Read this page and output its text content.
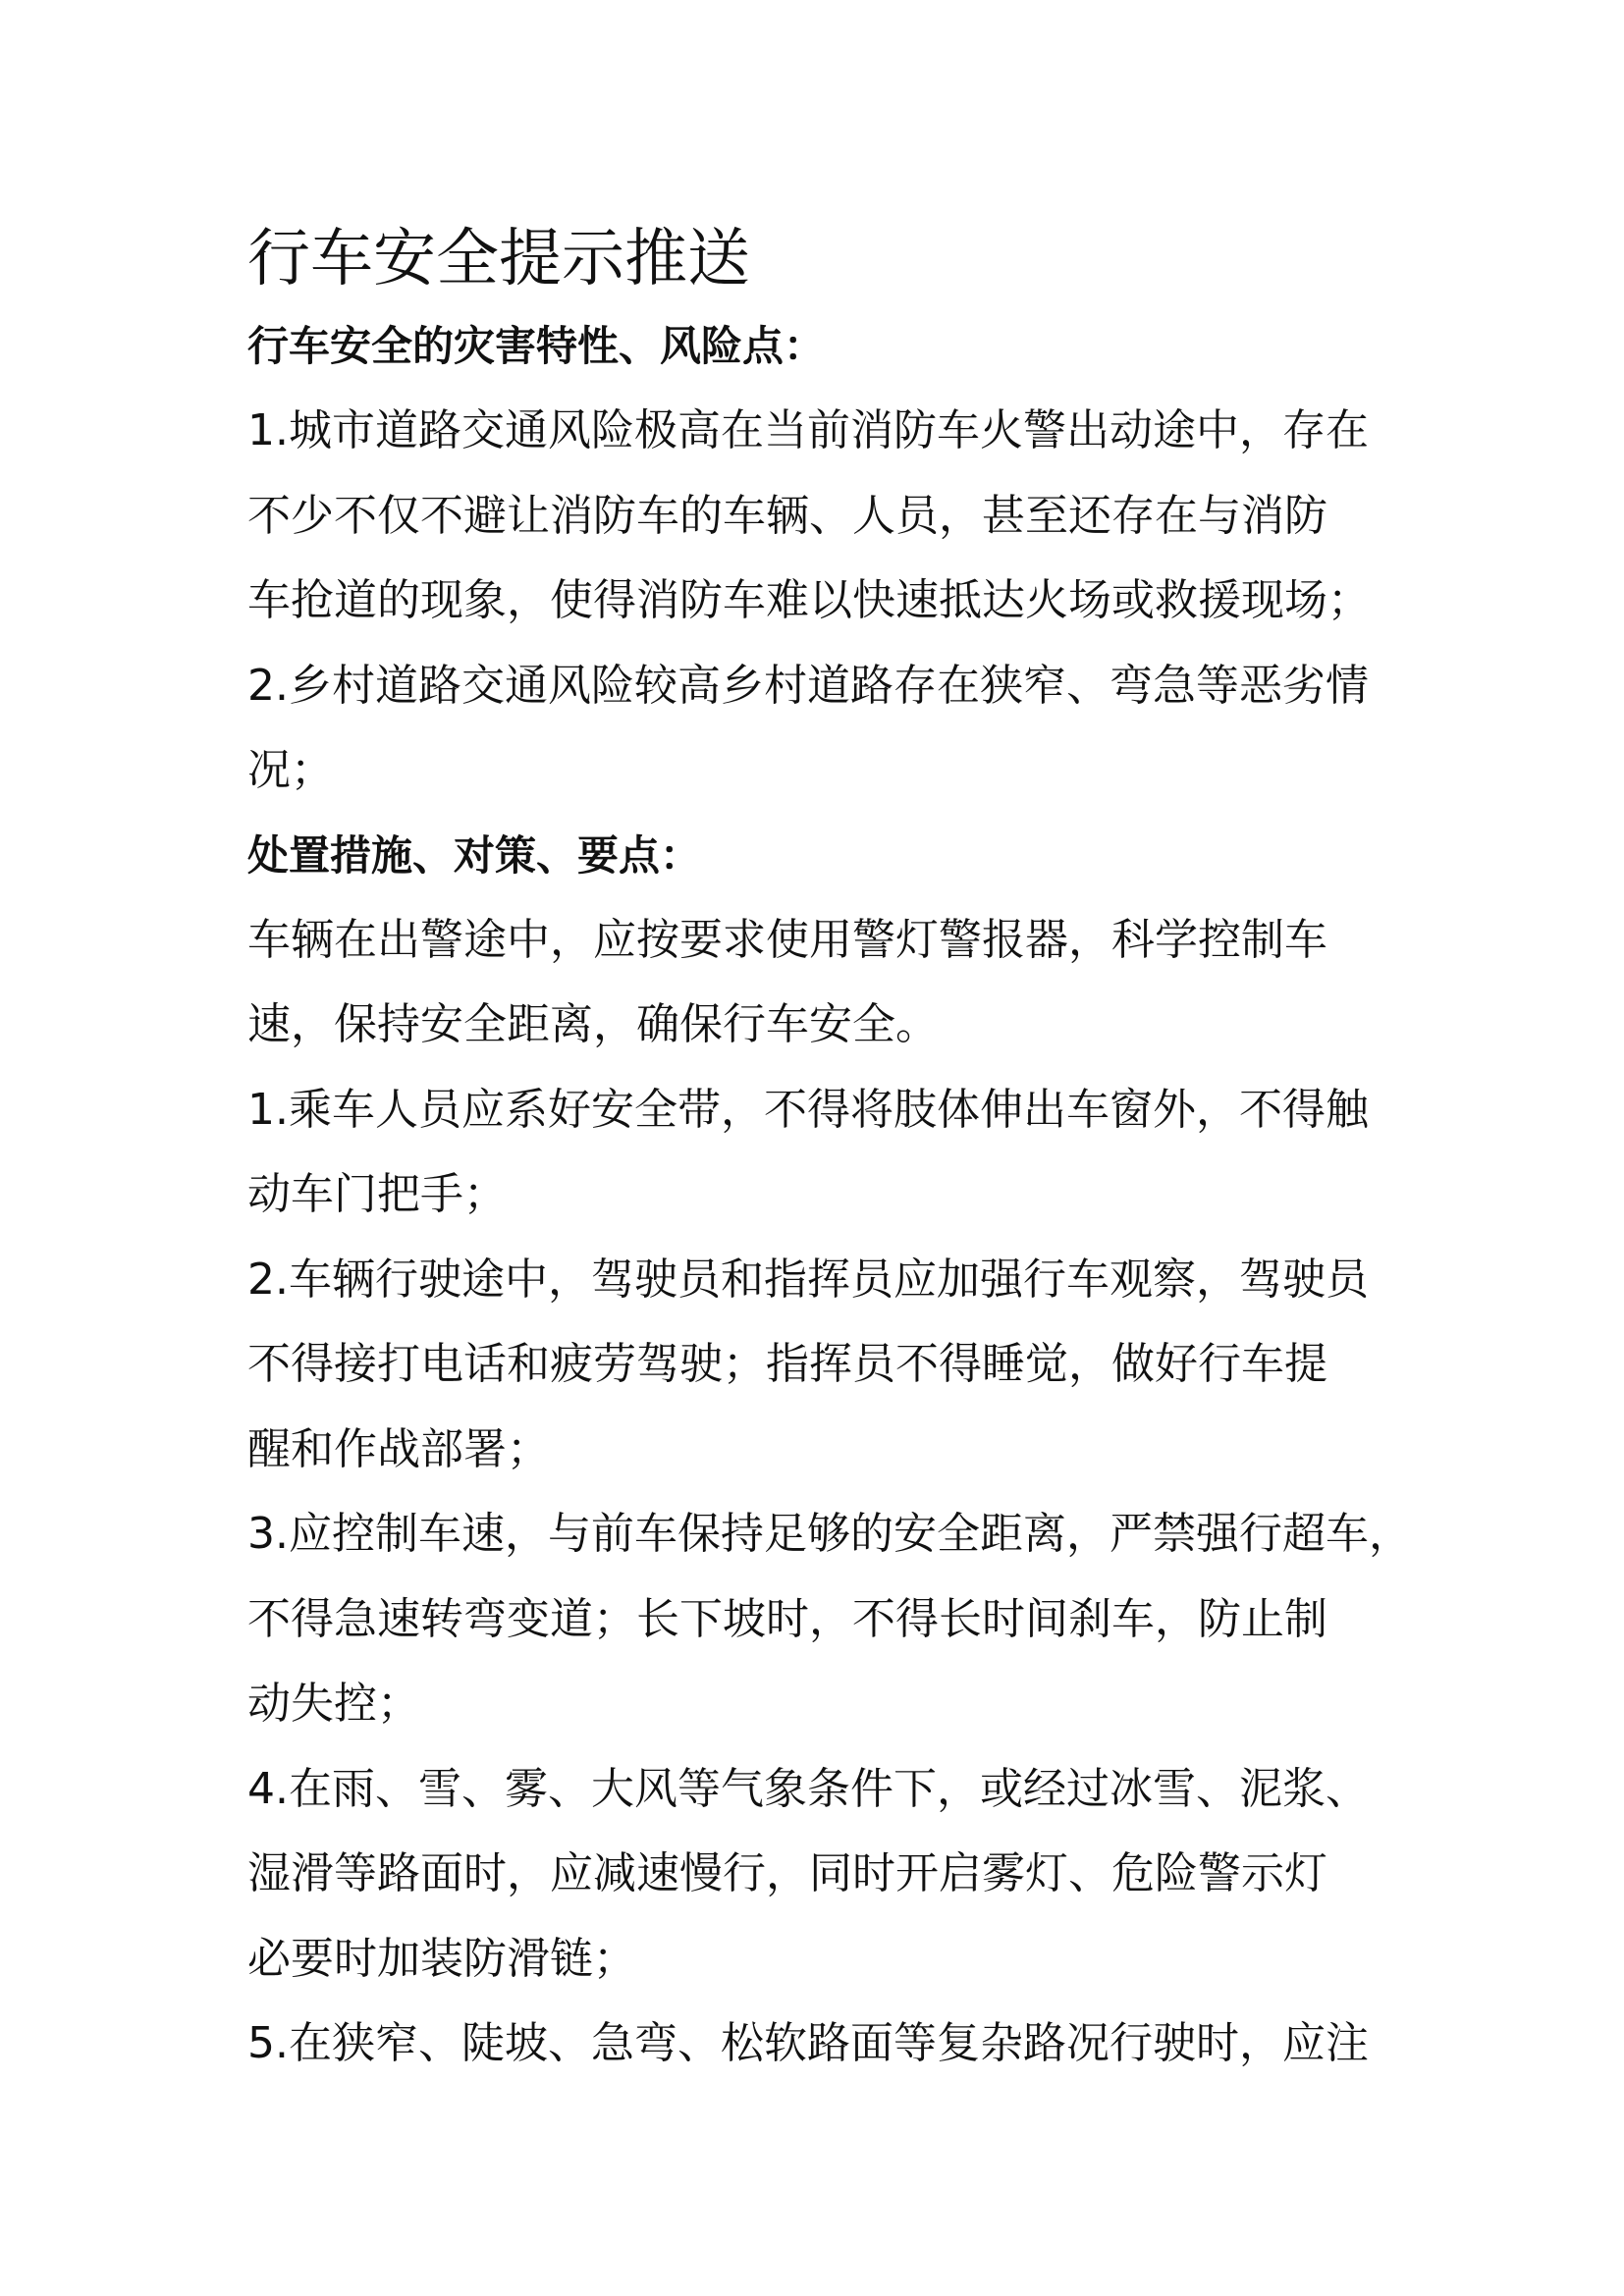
行车安全提示推送
行车安全的灾害特性、风险点：
1.城市道路交通风险极高在当前消防车火警出动途中，存在
不少不仅不避让消防车的车辆、人员，甚至还存在与消防
车抢道的现象，使得消防车难以快速抵达火场或救援现场；
2.乡村道路交通风险较高乡村道路存在狭窄、弯急等恶劣情
况；
处置措施、对策、要点：
车辆在出警途中，应按要求使用警灯警报器，科学控制车
速，保持安全距离，确保行车安全。
1.乘车人员应系好安全带，不得将肢体伸出车窗外，不得触
动车门把手；
2.车辆行驶途中，驾驶员和指挥员应加强行车观察，驾驶员
不得接打电话和疲劳驾驶；指挥员不得睡觉，做好行车提
醒和作战部署；
3.应控制车速，与前车保持足够的安全距离，严禁强行超车，
不得急速转弯变道；长下坡时，不得长时间刹车，防止制
动失控；
4.在雨、雪、雾、大风等气象条件下，或经过冰雪、泥浆、
湿滑等路面时，应减速慢行，同时开启雾灯、危险警示灯
必要时加装防滑链；
5.在狭窄、陡坡、急弯、松软路面等复杂路况行驶时，应注
